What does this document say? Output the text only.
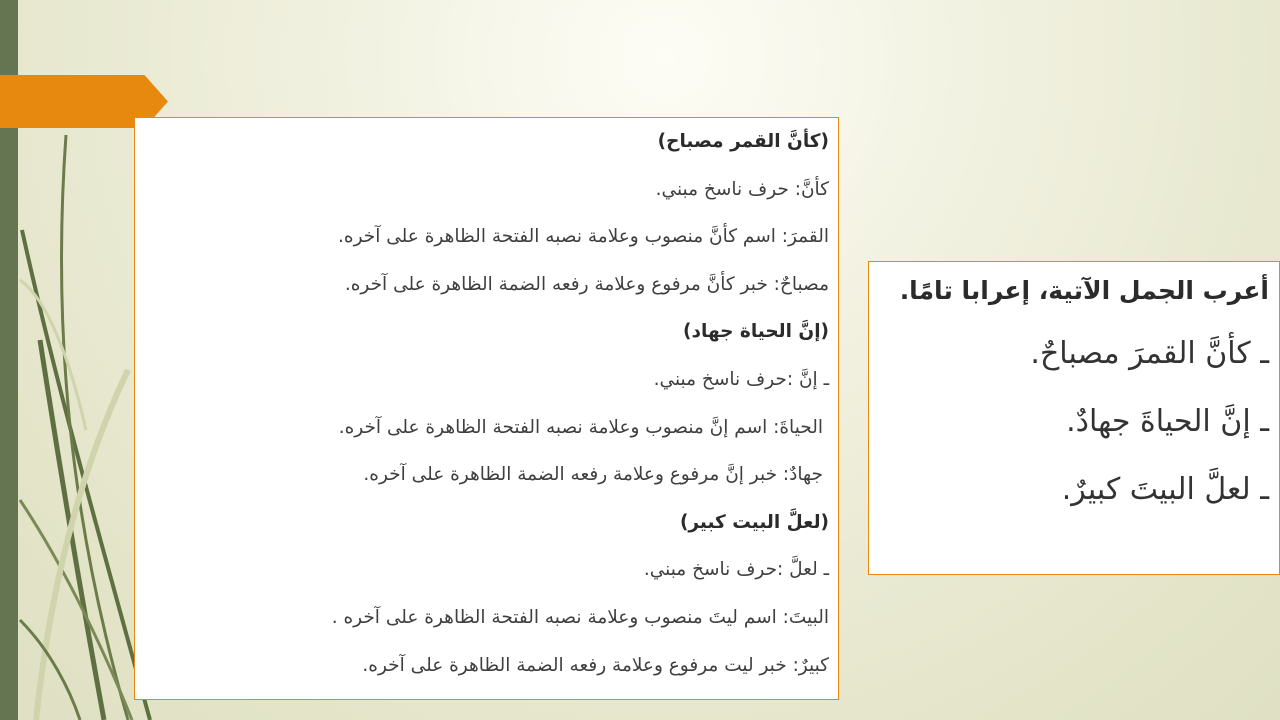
(كأنَّ القمر مصباح)
كأنَّ: حرف ناسخ مبني.
القمرَ: اسم كأنَّ منصوب وعلامة نصبه الفتحة الظاهرة على آخره.
مصباحٌ: خبر كأنَّ مرفوع وعلامة رفعه الضمة الظاهرة على آخره.
(إنَّ الحياة جهاد)
ـ إنَّ :حرف ناسخ مبني.
الحياةَ: اسم إنَّ منصوب وعلامة نصبه الفتحة الظاهرة على آخره.
جهادٌ: خبر إنَّ مرفوع وعلامة رفعه الضمة الظاهرة على آخره.
(لعلَّ البيت كبير)
ـ لعلَّ :حرف ناسخ مبني.
البيتَ: اسم ليتَ منصوب وعلامة نصبه الفتحة الظاهرة على آخره .
كبيرٌ: خبر ليت مرفوع وعلامة رفعه الضمة الظاهرة على آخره.
أعرب الجمل الآتية، إعرابا تامًا.
ـ كأنَّ القمرَ مصباحٌ.
ـ إنَّ الحياةَ جهادٌ.
ـ لعلَّ البيتَ كبيرٌ.
